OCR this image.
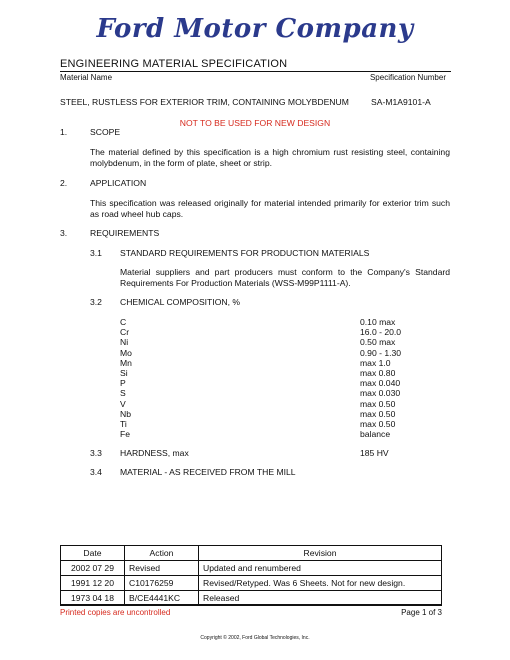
Ford Motor Company
ENGINEERING MATERIAL SPECIFICATION
Material Name	Specification Number
STEEL, RUSTLESS FOR EXTERIOR TRIM, CONTAINING MOLYBDENUM	SA-M1A9101-A
NOT TO BE USED FOR NEW DESIGN
1.	SCOPE
The material defined by this specification is a high chromium rust resisting steel, containing molybdenum, in the form of plate, sheet or strip.
2.	APPLICATION
This specification was released originally for material intended primarily for exterior trim such as road wheel hub caps.
3.	REQUIREMENTS
3.1 STANDARD REQUIREMENTS FOR PRODUCTION MATERIALS
Material suppliers and part producers must conform to the Company's Standard Requirements For Production Materials (WSS-M99P1111-A).
3.2 CHEMICAL COMPOSITION, %
C	0.10 max
Cr	16.0 - 20.0
Ni	0.50 max
Mo	0.90 - 1.30
Mn	max 1.0
Si	max 0.80
P	max 0.040
S	max 0.030
V	max 0.50
Nb	max 0.50
Ti	max 0.50
Fe	balance
3.3 HARDNESS, max	185 HV
3.4 MATERIAL - AS RECEIVED FROM THE MILL
Date	Action	Revision
2002 07 29	Revised	Updated and renumbered
1991 12 20	C10176259	Revised/Retyped. Was 6 Sheets. Not for new design.
1973 04 18	B/CE4441KC	Released
Printed copies are uncontrolled	Page 1 of 3
Copyright © 2002, Ford Global Technologies, Inc.
